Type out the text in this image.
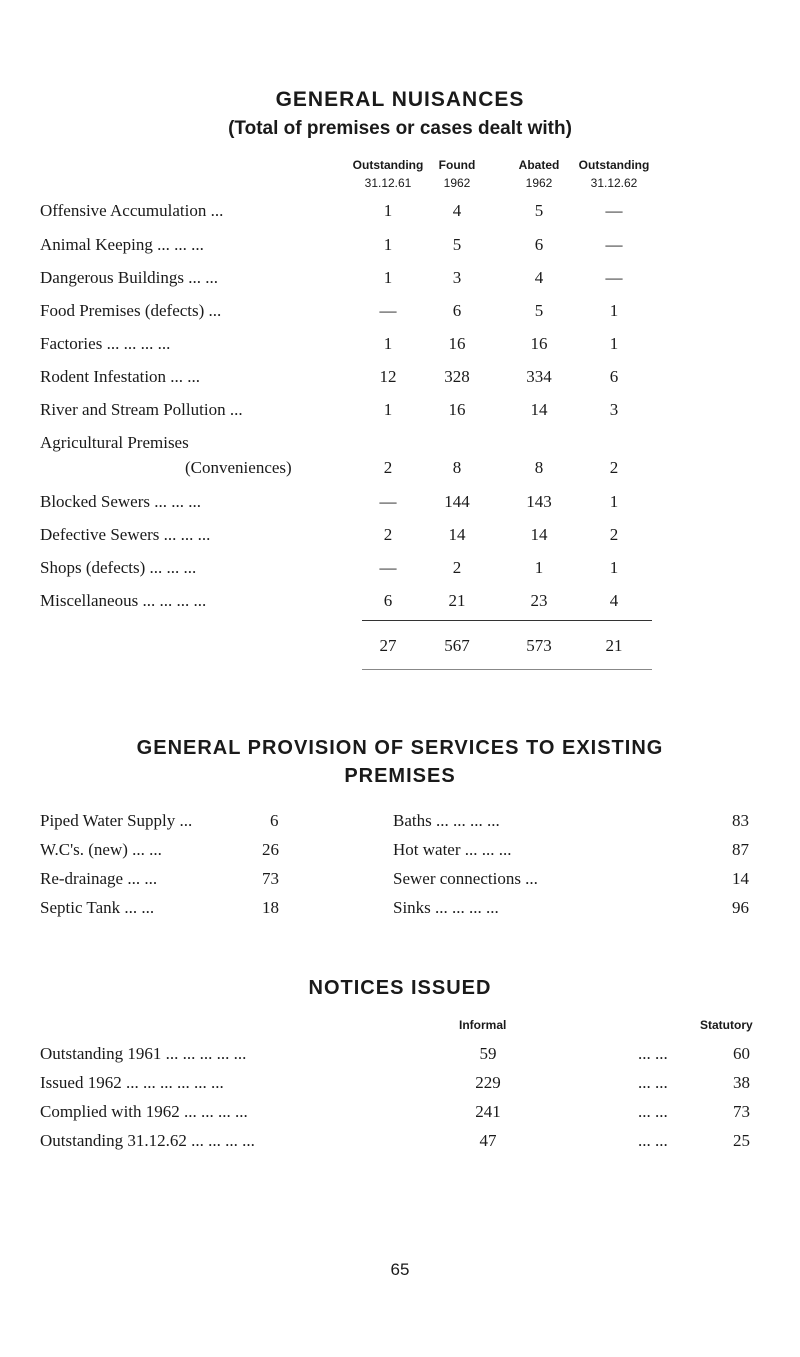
GENERAL NUISANCES
(Total of premises or cases dealt with)
Outstanding
31.12.61
Found
1962
Abated
1962
Outstanding
31.12.62
Offensive Accumulation ...	1	4	5	—
Animal Keeping ... ... ...	1	5	6	—
Dangerous Buildings ... ...	1	3	4	—
Food Premises (defects) ...	—	6	5	1
Factories ... ... ... ...	1	16	16	1
Rodent Infestation ... ...	12	328	334	6
River and Stream Pollution ...	1	16	14	3
Agricultural Premises
(Conveniences)	2	8	8	2
Blocked Sewers ... ... ...	—	144	143	1
Defective Sewers ... ... ...	2	14	14	2
Shops (defects) ... ... ...	—	2	1	1
Miscellaneous ... ... ... ...	6	21	23	4
27	567	573	21
GENERAL PROVISION OF SERVICES TO EXISTING
PREMISES
Piped Water Supply ...	6
W.C's. (new) ... ...	26
Re-drainage ... ...	73
Septic Tank ... ...	18
Baths ... ... ... ...	83
Hot water ... ... ...	87
Sewer connections ...	14
Sinks ... ... ... ...	96
NOTICES ISSUED
Informal	Statutory
Outstanding 1961 ... ... ... ... ...	59	... ...	60
Issued 1962 ... ... ... ... ... ...	229	... ...	38
Complied with 1962 ... ... ... ...	241	... ...	73
Outstanding 31.12.62 ... ... ... ...	47	... ...	25
65
